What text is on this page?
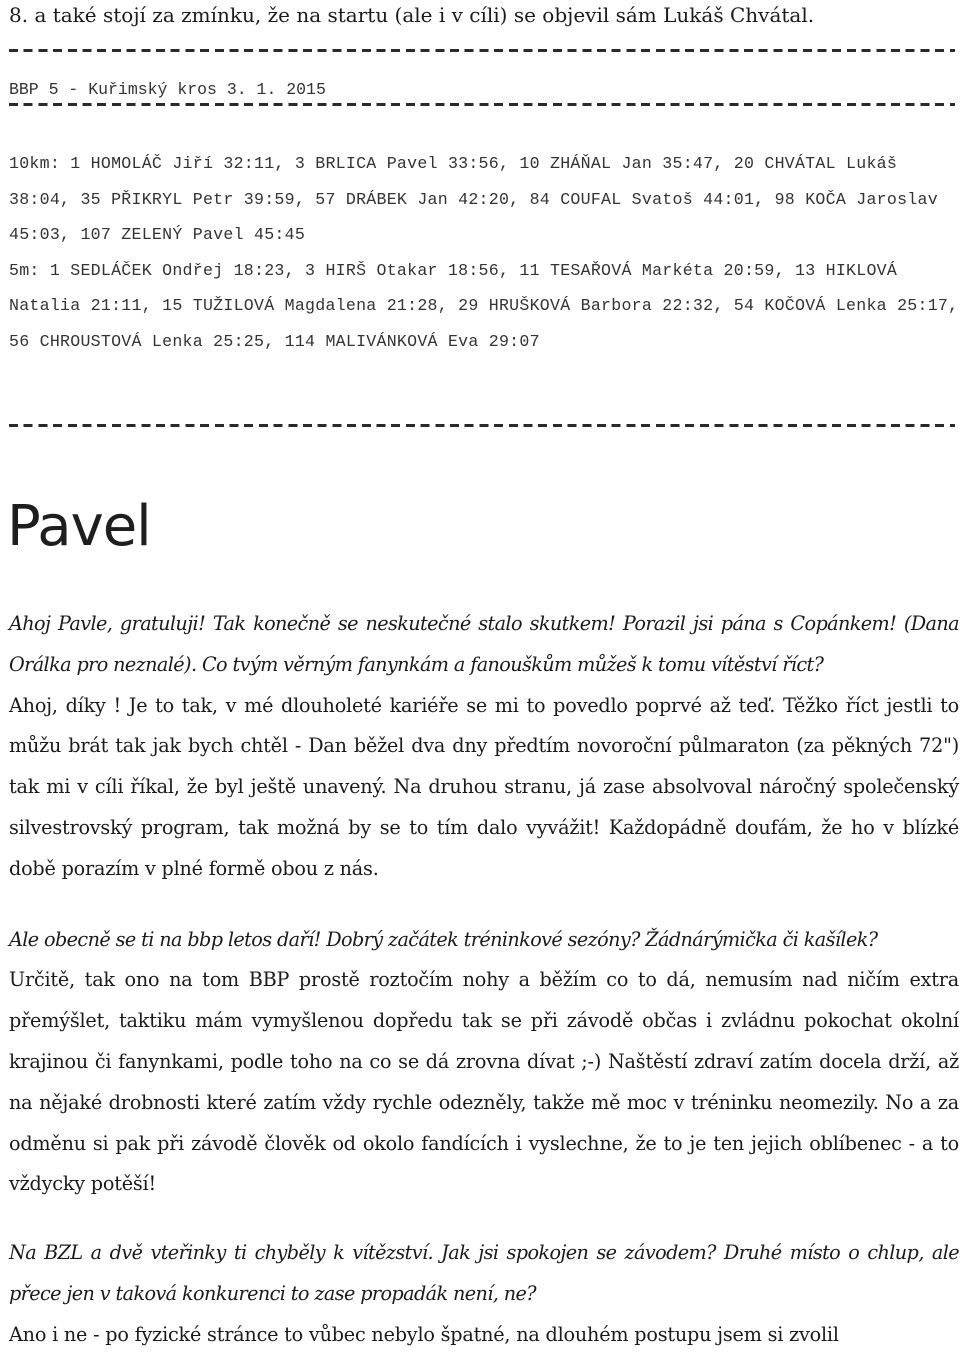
8. a také stojí za zmínku, že na startu (ale i v cíli) se objevil sám Lukáš Chvátal.
BBP 5 - Kuřimský kros 3. 1. 2015

10km: 1 HOMOLÁČ Jiří 32:11, 3 BRLICA Pavel 33:56, 10 ZHÁŇAL Jan 35:47, 20 CHVÁTAL Lukáš 38:04, 35 PŘIKRYL Petr 39:59, 57 DRÁBEK Jan 42:20, 84 COUFAL Svatoš 44:01, 98 KOČA Jaroslav 45:03, 107 ZELENÝ Pavel 45:45

5m: 1 SEDLÁČEK Ondřej 18:23, 3 HIRŠ Otakar 18:56, 11 TESAŘOVÁ Markéta 20:59, 13 HIKLOVÁ Natalia 21:11, 15 TUŽILOVÁ Magdalena 21:28, 29 HRUŠKOVÁ Barbora 22:32, 54 KOČOVÁ Lenka 25:17, 56 CHROUSTOVÁ Lenka 25:25, 114 MALIVÁNKOVÁ Eva 29:07

Pavel

Ahoj Pavle, gratuluji! Tak konečně se neskutečné stalo skutkem! Porazil jsi pána s Copánkem! (Dana Orálka pro neznalé). Co tvým věrným fanynkám a fanouškům můžeš k tomu vítěství říct?

Ahoj, díky ! Je to tak, v mé dlouholeté kariéře se mi to povedlo poprvé až teď. Těžko říct jestli to můžu brát tak jak bych chtěl - Dan běžel dva dny předtím novoroční půlmaraton (za pěkných 72") tak mi v cíli říkal, že byl ještě unavený. Na druhou stranu, já zase absolvoval náročný společenský silvestrovský program, tak možná by se to tím dalo vyvážit! Každopádně doufám, že ho v blízké době porazím v plné formě obou z nás.

Ale obecně se ti na bbp letos daří! Dobrý začátek tréninkové sezóny? Žádnárýmička či kašílek?

Určitě, tak ono na tom BBP prostě roztočím nohy a běžím co to dá, nemusím nad ničím extra přemýšlet, taktiku mám vymyšlenou dopředu tak se při závodě občas i zvládnu pokochat okolní krajinou či fanynkami, podle toho na co se dá zrovna dívat ;-) Naštěstí zdraví zatím docela drží, až na nějaké drobnosti které zatím vždy rychle odezněly, takže mě moc v tréninku neomezily. No a za odměnu si pak při závodě člověk od okolo fandících i vyslechne, že to je ten jejich oblíbenec - a to vždycky potěší!

Na BZL a dvě vteřinky ti chyběly k vítězství. Jak jsi spokojen se závodem? Druhé místo o chlup, ale přece jen v taková konkurenci to zase propadák není, ne?

Ano i ne - po fyzické stránce to vůbec nebylo špatné, na dlouhém postupu jsem si zvolil
